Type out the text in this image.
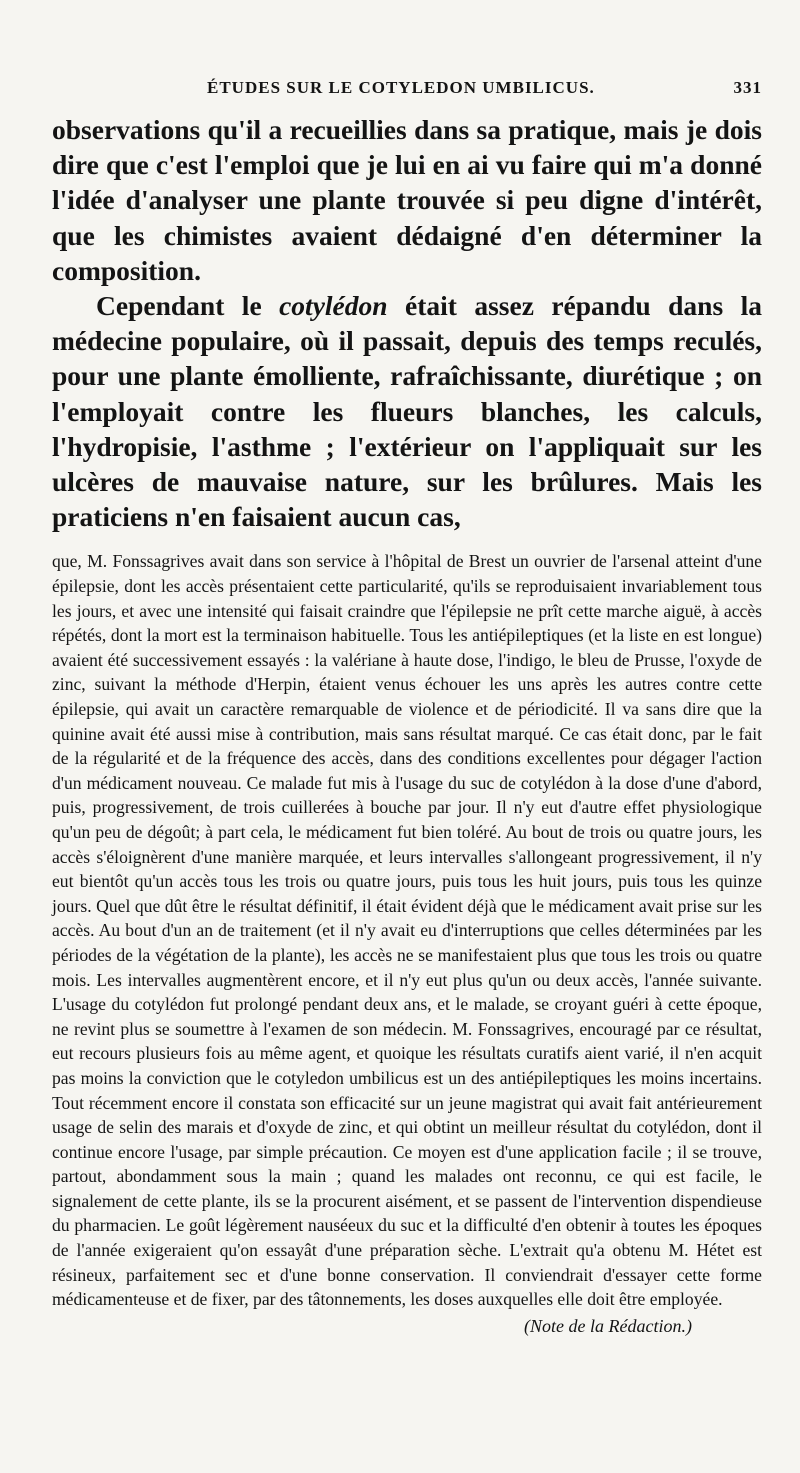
ÉTUDES SUR LE COTYLEDON UMBILICUS.	331

observations qu'il a recueillies dans sa pratique, mais je dois dire que c'est l'emploi que je lui en ai vu faire qui m'a donné l'idée d'analyser une plante trouvée si peu digne d'intérêt, que les chimistes avaient dédaigné d'en déterminer la composition.

Cependant le cotylédon était assez répandu dans la médecine populaire, où il passait, depuis des temps reculés, pour une plante émolliente, rafraîchissante, diurétique ; on l'employait contre les flueurs blanches, les calculs, l'hydropisie, l'asthme ; l'extérieur on l'appliquait sur les ulcères de mauvaise nature, sur les brûlures. Mais les praticiens n'en faisaient aucun cas,

que, M. Fonssagrives avait dans son service à l'hôpital de Brest un ouvrier de l'arsenal atteint d'une épilepsie, dont les accès présentaient cette particularité, qu'ils se reproduisaient invariablement tous les jours, et avec une intensité qui faisait craindre que l'épilepsie ne prît cette marche aiguë, à accès répétés, dont la mort est la terminaison habituelle. Tous les antiépileptiques (et la liste en est longue) avaient été successivement essayés : la valériane à haute dose, l'indigo, le bleu de Prusse, l'oxyde de zinc, suivant la méthode d'Herpin, étaient venus échouer les uns après les autres contre cette épilepsie, qui avait un caractère remarquable de violence et de périodicité. Il va sans dire que la quinine avait été aussi mise à contribution, mais sans résultat marqué. Ce cas était donc, par le fait de la régularité et de la fréquence des accès, dans des conditions excellentes pour dégager l'action d'un médicament nouveau. Ce malade fut mis à l'usage du suc de cotylédon à la dose d'une d'abord, puis, progressivement, de trois cuillerées à bouche par jour. Il n'y eut d'autre effet physiologique qu'un peu de dégoût; à part cela, le médicament fut bien toléré. Au bout de trois ou quatre jours, les accès s'éloignèrent d'une manière marquée, et leurs intervalles s'allongeant progressivement, il n'y eut bientôt qu'un accès tous les trois ou quatre jours, puis tous les huit jours, puis tous les quinze jours. Quel que dût être le résultat définitif, il était évident déjà que le médicament avait prise sur les accès. Au bout d'un an de traitement (et il n'y avait eu d'interruptions que celles déterminées par les périodes de la végétation de la plante), les accès ne se manifestaient plus que tous les trois ou quatre mois. Les intervalles augmentèrent encore, et il n'y eut plus qu'un ou deux accès, l'année suivante. L'usage du cotylédon fut prolongé pendant deux ans, et le malade, se croyant guéri à cette époque, ne revint plus se soumettre à l'examen de son médecin. M. Fonssagrives, encouragé par ce résultat, eut recours plusieurs fois au même agent, et quoique les résultats curatifs aient varié, il n'en acquit pas moins la conviction que le cotyledon umbilicus est un des antiépileptiques les moins incertains. Tout récemment encore il constata son efficacité sur un jeune magistrat qui avait fait antérieurement usage de selin des marais et d'oxyde de zinc, et qui obtint un meilleur résultat du cotylédon, dont il continue encore l'usage, par simple précaution. Ce moyen est d'une application facile ; il se trouve, partout, abondamment sous la main ; quand les malades ont reconnu, ce qui est facile, le signalement de cette plante, ils se la procurent aisément, et se passent de l'intervention dispendieuse du pharmacien. Le goût légèrement nauséeux du suc et la difficulté d'en obtenir à toutes les époques de l'année exigeraient qu'on essayât d'une préparation sèche. L'extrait qu'a obtenu M. Hétet est résineux, parfaitement sec et d'une bonne conservation. Il conviendrait d'essayer cette forme médicamenteuse et de fixer, par des tâtonnements, les doses auxquelles elle doit être employée.

(Note de la Rédaction.)
